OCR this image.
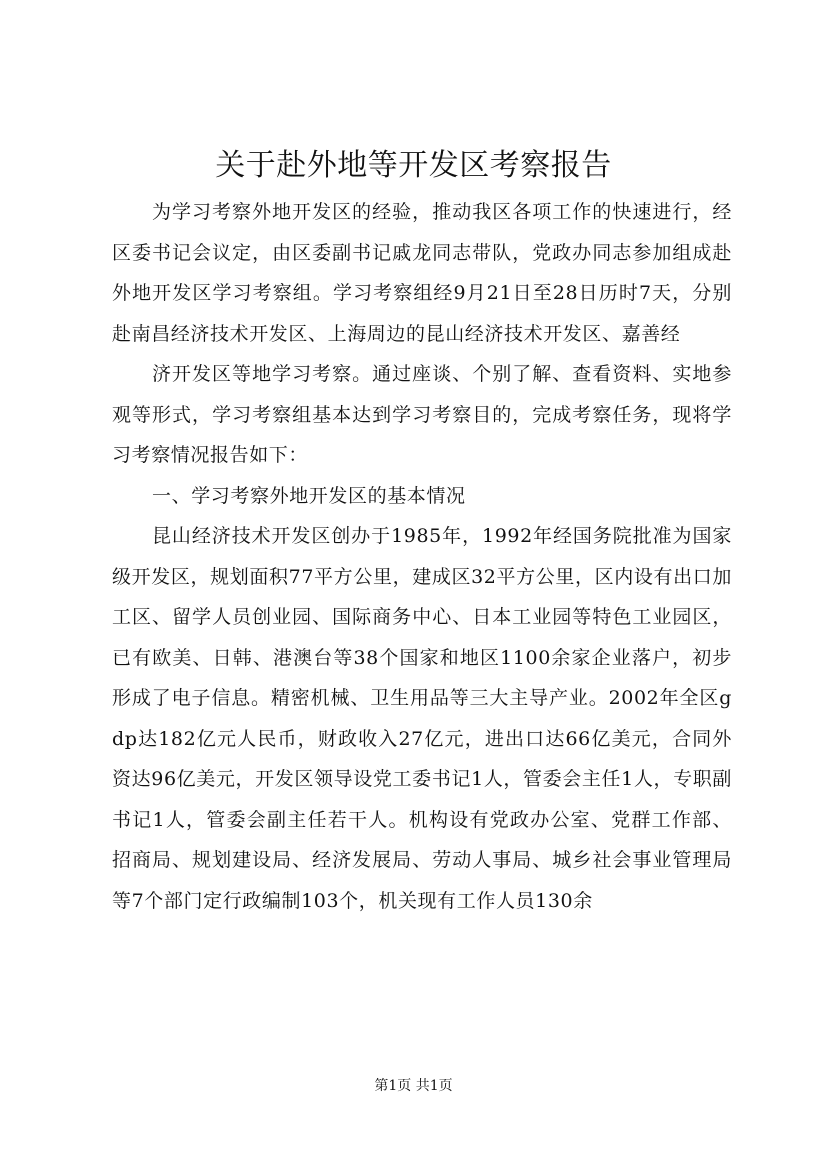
关于赴外地等开发区考察报告

为学习考察外地开发区的经验，推动我区各项工作的快速进行，经区委书记会议定，由区委副书记戚龙同志带队，党政办同志参加组成赴外地开发区学习考察组。学习考察组经9月21日至28日历时7天，分别赴南昌经济技术开发区、上海周边的昆山经济技术开发区、嘉善经

济开发区等地学习考察。通过座谈、个别了解、查看资料、实地参观等形式，学习考察组基本达到学习考察目的，完成考察任务，现将学习考察情况报告如下：

一、学习考察外地开发区的基本情况

昆山经济技术开发区创办于1985年，1992年经国务院批准为国家级开发区，规划面积77平方公里，建成区32平方公里，区内设有出口加工区、留学人员创业园、国际商务中心、日本工业园等特色工业园区，已有欧美、日韩、港澳台等38个国家和地区1100余家企业落户，初步形成了电子信息。精密机械、卫生用品等三大主导产业。2002年全区gdp达182亿元人民币，财政收入27亿元，进出口达66亿美元，合同外资达96亿美元，开发区领导设党工委书记1人，管委会主任1人，专职副书记1人，管委会副主任若干人。机构设有党政办公室、党群工作部、招商局、规划建设局、经济发展局、劳动人事局、城乡社会事业管理局等7个部门定行政编制103个，机关现有工作人员130余

第1页 共1页
